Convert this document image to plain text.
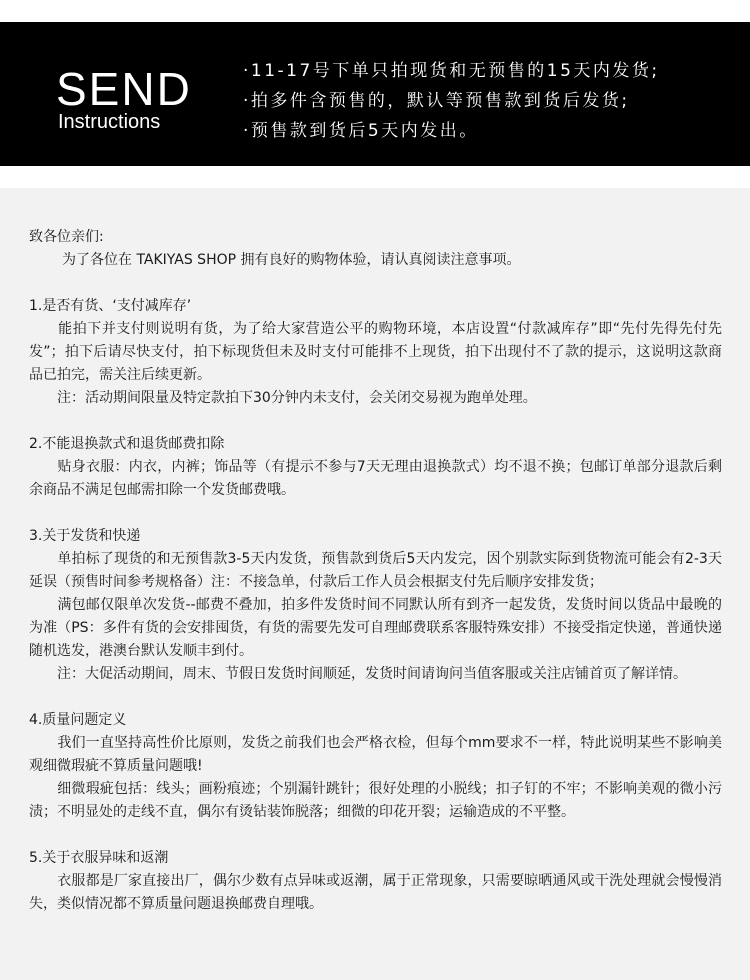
SEND
Instructions
·11-17号下单只拍现货和无预售的15天内发货;
·拍多件含预售的，默认等预售款到货后发货;
·预售款到货后5天内发出。

致各位亲们:

为了各位在 TAKIYAS SHOP 拥有良好的购物体验，请认真阅读注意事项。

1.是否有货、‘支付减库存’

　　能拍下并支付则说明有货，为了给大家营造公平的购物环境，本店设置“付款减库存”即“先付先得先付先发”；拍下后请尽快支付，拍下标现货但未及时支付可能排不上现货，拍下出现付不了款的提示，这说明这款商品已拍完，需关注后续更新。

　　注：活动期间限量及特定款拍下30分钟内未支付，会关闭交易视为跑单处理。

2.不能退换款式和退货邮费扣除

　　贴身衣服：内衣，内裤；饰品等（有提示不参与7天无理由退换款式）均不退不换；包邮订单部分退款后剩余商品不满足包邮需扣除一个发货邮费哦。

3.关于发货和快递

　　单拍标了现货的和无预售款3-5天内发货，预售款到货后5天内发完，因个别款实际到货物流可能会有2-3天延误（预售时间参考规格备）注：不接急单，付款后工作人员会根据支付先后顺序安排发货；

　　满包邮仅限单次发货--邮费不叠加，拍多件发货时间不同默认所有到齐一起发货，发货时间以货品中最晚的为准（PS：多件有货的会安排囤货，有货的需要先发可自理邮费联系客服特殊安排）不接受指定快递，普通快递随机选发，港澳台默认发顺丰到付。

　　注：大促活动期间，周末、节假日发货时间顺延，发货时间请询问当值客服或关注店铺首页了解详情。

4.质量问题定义

　　我们一直坚持高性价比原则，发货之前我们也会严格衣检，但每个mm要求不一样，特此说明某些不影响美观细微瑕疵不算质量问题哦!

　　细微瑕疵包括：线头；画粉痕迹；个别漏针跳针；很好处理的小脱线；扣子钉的不牢；不影响美观的微小污渍；不明显处的走线不直，偶尔有烫钻装饰脱落；细微的印花开裂；运输造成的不平整。

5.关于衣服异味和返潮

　　衣服都是厂家直接出厂，偶尔少数有点异味或返潮，属于正常现象，只需要晾晒通风或干洗处理就会慢慢消失，类似情况都不算质量问题退换邮费自理哦。
